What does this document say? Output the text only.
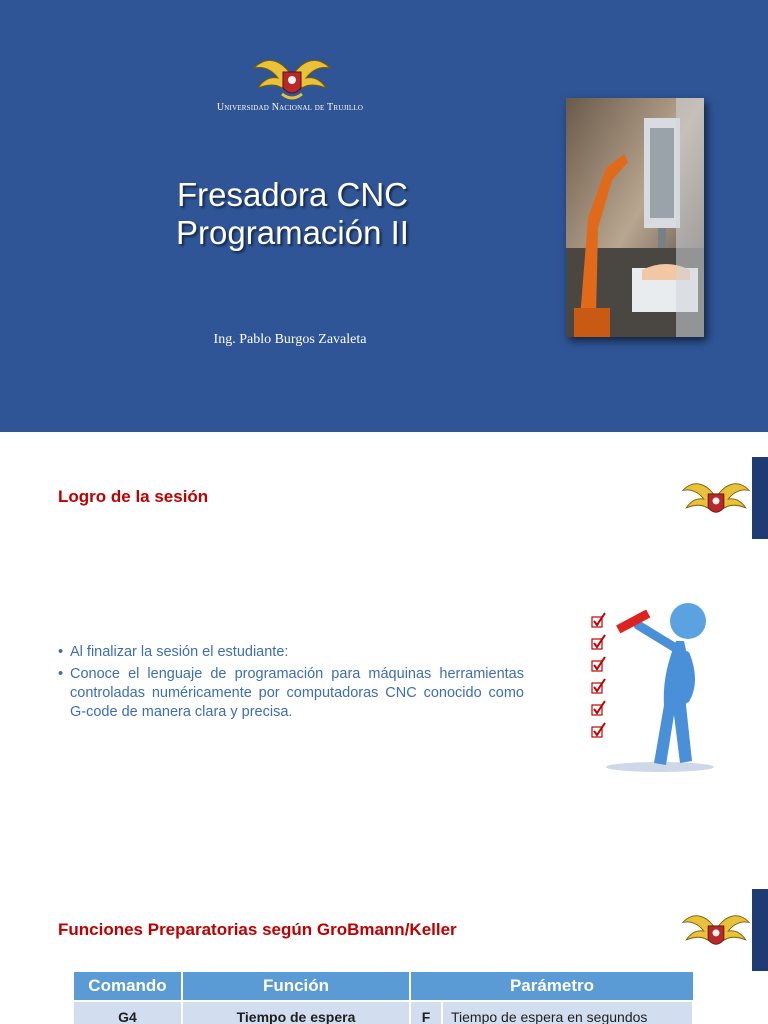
Universidad Nacional de Trujillo
Fresadora CNC
Programación II
Ing. Pablo Burgos Zavaleta
Logro de la sesión
• Al finalizar la sesión el estudiante:
• Conoce el lenguaje de programación para máquinas herramientas controladas numéricamente por computadoras CNC conocido como G-code de manera clara y precisa.
Funciones Preparatorias según GroBmann/Keller
Comando	Función	Parámetro	
G4	Tiempo de espera	F	Tiempo de espera en segundos
